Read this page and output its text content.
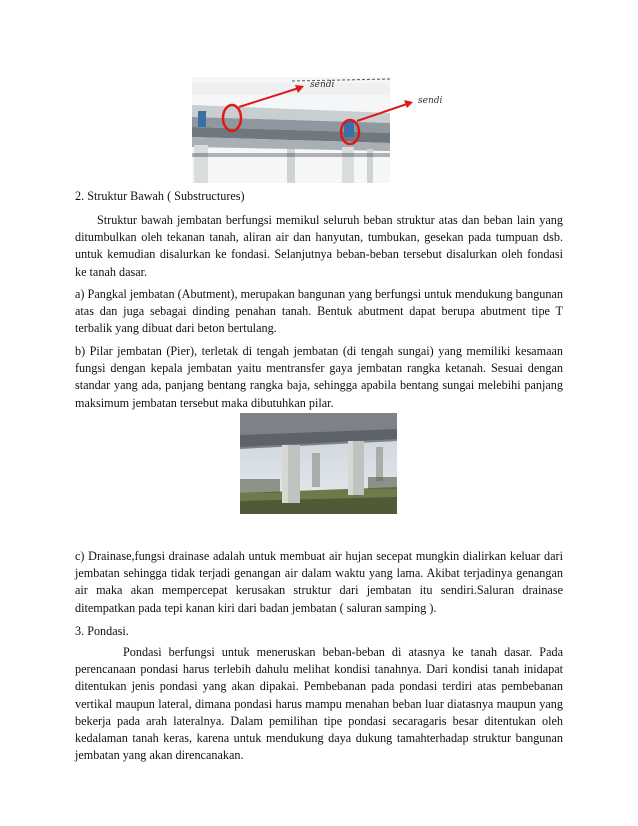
sendi
sendi
2. Struktur Bawah ( Substructures)
Struktur bawah jembatan berfungsi memikul seluruh beban struktur atas dan beban lain yang ditumbulkan oleh tekanan tanah, aliran air dan hanyutan, tumbukan, gesekan pada tumpuan dsb. untuk kemudian disalurkan ke fondasi. Selanjutnya beban-beban tersebut disalurkan oleh fondasi ke tanah dasar.
a) Pangkal jembatan (Abutment), merupakan bangunan yang berfungsi untuk mendukung bangunan atas dan juga sebagai dinding penahan tanah. Bentuk abutment dapat berupa abutment tipe T terbalik yang dibuat dari beton bertulang.
b) Pilar jembatan (Pier), terletak di tengah jembatan (di tengah sungai) yang memiliki kesamaan fungsi dengan kepala jembatan yaitu mentransfer gaya jembatan rangka ketanah. Sesuai dengan standar yang ada, panjang bentang rangka baja, sehingga apabila bentang sungai melebihi panjang maksimum jembatan tersebut maka dibutuhkan pilar.
c) Drainase,fungsi drainase adalah untuk membuat air hujan secepat mungkin dialirkan keluar dari jembatan sehingga tidak terjadi genangan air dalam waktu yang lama. Akibat terjadinya genangan air maka akan mempercepat kerusakan struktur dari jembatan itu sendiri.Saluran drainase ditempatkan pada tepi kanan kiri dari badan jembatan ( saluran samping ).
3. Pondasi.
Pondasi berfungsi untuk meneruskan beban-beban di atasnya ke tanah dasar. Pada perencanaan pondasi harus terlebih dahulu melihat kondisi tanahnya. Dari kondisi tanah inidapat ditentukan jenis pondasi yang akan dipakai. Pembebanan pada pondasi terdiri atas pembebanan vertikal maupun lateral, dimana pondasi harus mampu menahan beban luar diatasnya maupun yang bekerja pada arah lateralnya. Dalam pemilihan tipe pondasi secaragaris besar ditentukan oleh kedalaman tanah keras, karena untuk mendukung daya dukung tamahterhadap struktur bangunan jembatan yang akan direncanakan.
